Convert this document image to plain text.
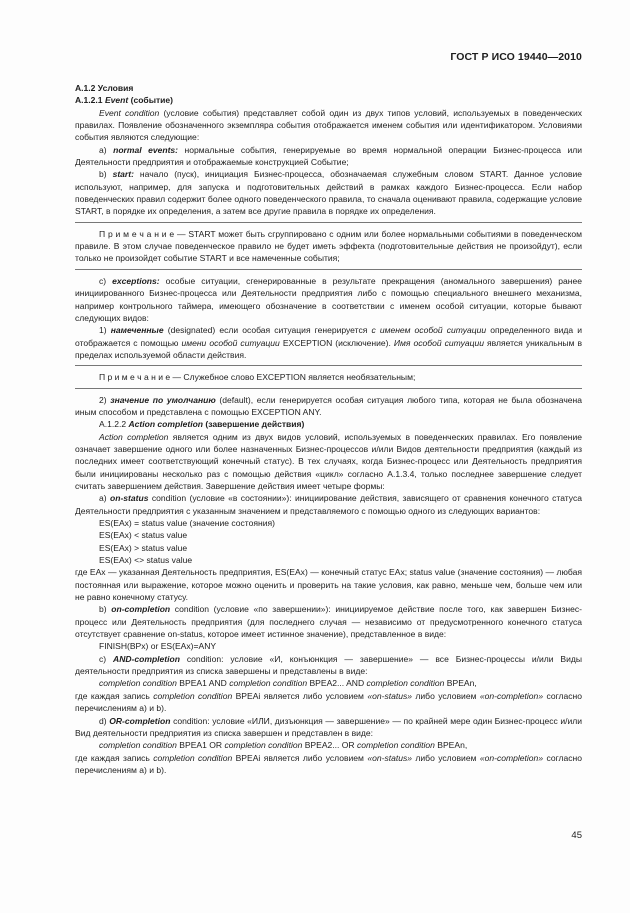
ГОСТ Р ИСО 19440—2010

A.1.2 Условия

A.1.2.1 Event (событие)

Event condition (условие события) представляет собой один из двух типов условий, используемых в поведенческих правилах. Появление обозначенного экземпляра события отображается именем события или идентификатором. Условиями события являются следующие:

a) normal events: нормальные события, генерируемые во время нормальной операции Бизнес-процесса или Деятельности предприятия и отображаемые конструкцией Событие;

b) start: начало (пуск), инициация Бизнес-процесса, обозначаемая служебным словом START. Данное условие используют, например, для запуска и подготовительных действий в рамках каждого Бизнес-процесса. Если набор поведенческих правил содержит более одного поведенческого правила, то сначала оценивают правила, содержащие условие START, в порядке их определения, а затем все другие правила в порядке их определения.

П р и м е ч а н и е — START может быть сгруппировано с одним или более нормальными событиями в поведенческом правиле. В этом случае поведенческое правило не будет иметь эффекта (подготовительные действия не произойдут), если только не произойдет событие START и все намеченные события;

c) exceptions: особые ситуации, сгенерированные в результате прекращения (аномального завершения) ранее инициированного Бизнес-процесса или Деятельности предприятия либо с помощью специального внешнего механизма, например контрольного таймера, имеющего обозначение в соответствии с именем особой ситуации, которые бывают следующих видов:

1) намеченные (designated) если особая ситуация генерируется с именем особой ситуации определенного вида и отображается с помощью имени особой ситуации EXCEPTION (исключение). Имя особой ситуации является уникальным в пределах используемой области действия.

П р и м е ч а н и е — Служебное слово EXCEPTION является необязательным;

2) значение по умолчанию (default), если генерируется особая ситуация любого типа, которая не была обозначена иным способом и представлена с помощью EXCEPTION ANY.

A.1.2.2 Action completion (завершение действия)

Action completion является одним из двух видов условий, используемых в поведенческих правилах. Его появление означает завершение одного или более назначенных Бизнес-процессов и/или Видов деятельности предприятия (каждый из последних имеет соответствующий конечный статус). В тех случаях, когда Бизнес-процесс или Деятельность предприятия были инициированы несколько раз с помощью действия «цикл» согласно A.1.3.4, только последнее завершение следует считать завершением действия. Завершение действия имеет четыре формы:

a) on-status condition (условие «в состоянии»): инициирование действия, зависящего от сравнения конечного статуса Деятельности предприятия с указанным значением и представляемого с помощью одного из следующих вариантов:

ES(EAx) = status value (значение состояния)

ES(EAx) < status value

ES(EAx) > status value

ES(EAx) <> status value

где EAx — указанная Деятельность предприятия, ES(EAx) — конечный статус EAx; status value (значение состояния) — любая постоянная или выражение, которое можно оценить и проверить на такие условия, как равно, меньше чем, больше чем или не равно конечному статусу.

b) on-completion condition (условие «по завершении»): инициируемое действие после того, как завершен Бизнес-процесс или Деятельность предприятия (для последнего случая — независимо от предусмотренного конечного статуса отсутствует сравнение on-status, которое имеет истинное значение), представленное в виде:

FINISH(BPx) or ES(EAx)=ANY

c) AND-completion condition: условие «И, конъюнкция — завершение» — все Бизнес-процессы и/или Виды деятельности предприятия из списка завершены и представлены в виде:

completion condition BPEA1 AND completion condition BPEA2... AND completion condition BPEAn,

где каждая запись completion condition BPEAi является либо условием «on-status» либо условием «on-completion» согласно перечислениям a) и b).

d) OR-completion condition: условие «ИЛИ, дизъюнкция — завершение» — по крайней мере один Бизнес-процесс и/или Вид деятельности предприятия из списка завершен и представлен в виде:

completion condition BPEA1 OR completion condition BPEA2... OR completion condition BPEAn,

где каждая запись completion condition BPEAi является либо условием «on-status» либо условием «on-completion» согласно перечислениям a) и b).

45
